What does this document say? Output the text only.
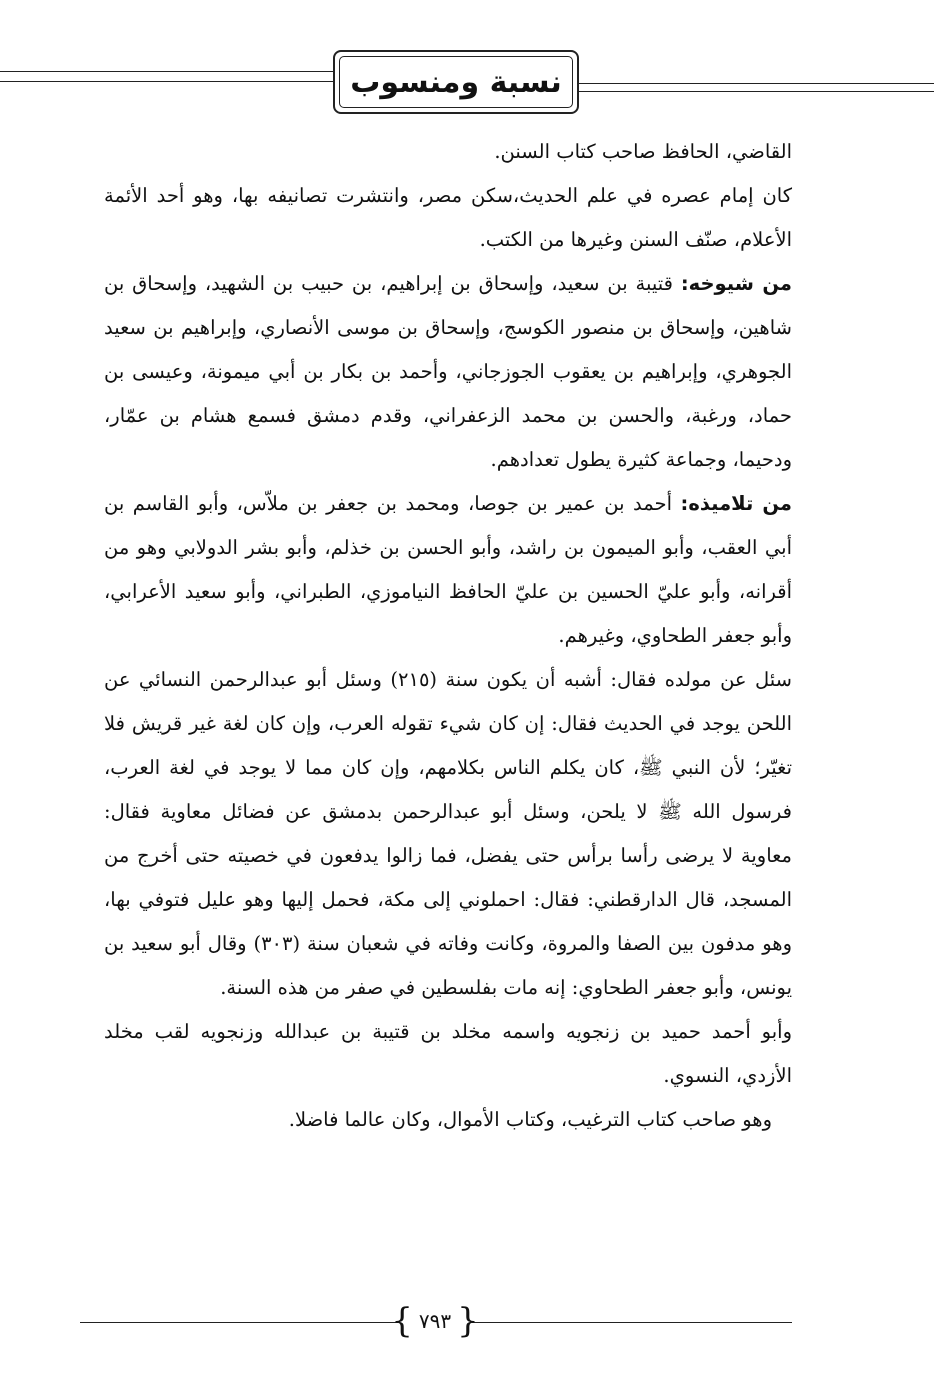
نسبة ومنسوب

القاضي، الحافظ صاحب كتاب السنن.

كان إمام عصره في علم الحديث،سكن مصر، وانتشرت تصانيفه بها، وهو أحد الأئمة الأعلام، صنّف السنن وغيرها من الكتب.

من شيوخه: قتيبة بن سعيد، وإسحاق بن إبراهيم، بن حبيب بن الشهيد، وإسحاق بن شاهين، وإسحاق بن منصور الكوسج، وإسحاق بن موسى الأنصاري، وإبراهيم بن سعيد الجوهري، وإبراهيم بن يعقوب الجوزجاني، وأحمد بن بكار بن أبي ميمونة، وعيسى بن حماد، ورغبة، والحسن بن محمد الزعفراني، وقدم دمشق فسمع هشام بن عمّار، ودحيما، وجماعة كثيرة يطول تعدادهم.

من تلاميذه: أحمد بن عمير بن جوصا، ومحمد بن جعفر بن ملاّس، وأبو القاسم بن أبي العقب، وأبو الميمون بن راشد، وأبو الحسن بن خذلم، وأبو بشر الدولابي وهو من أقرانه، وأبو عليّ الحسين بن عليّ الحافظ النياموزي، الطبراني، وأبو سعيد الأعرابي، وأبو جعفر الطحاوي، وغيرهم.

سئل عن مولده فقال: أشبه أن يكون سنة (٢١٥) وسئل أبو عبدالرحمن النسائي عن اللحن يوجد في الحديث فقال: إن كان شيء تقوله العرب، وإن كان لغة غير قريش فلا تغيّر؛ لأن النبي ﷺ، كان يكلم الناس بكلامهم، وإن كان مما لا يوجد في لغة العرب، فرسول الله ﷺ لا يلحن، وسئل أبو عبدالرحمن بدمشق عن فضائل معاوية فقال: معاوية لا يرضى رأسا برأس حتى يفضل، فما زالوا يدفعون في خصيته حتى أخرج من المسجد، قال الدارقطني: فقال: احملوني إلى مكة، فحمل إليها وهو عليل فتوفي بها، وهو مدفون بين الصفا والمروة، وكانت وفاته في شعبان سنة (٣٠٣) وقال أبو سعيد بن يونس، وأبو جعفر الطحاوي: إنه مات بفلسطين في صفر من هذه السنة.

وأبو أحمد حميد بن زنجويه واسمه مخلد بن قتيبة بن عبدالله وزنجويه لقب مخلد الأزدي، النسوي.

وهو صاحب كتاب الترغيب، وكتاب الأموال، وكان عالما فاضلا.

{ ٧٩٣ }
